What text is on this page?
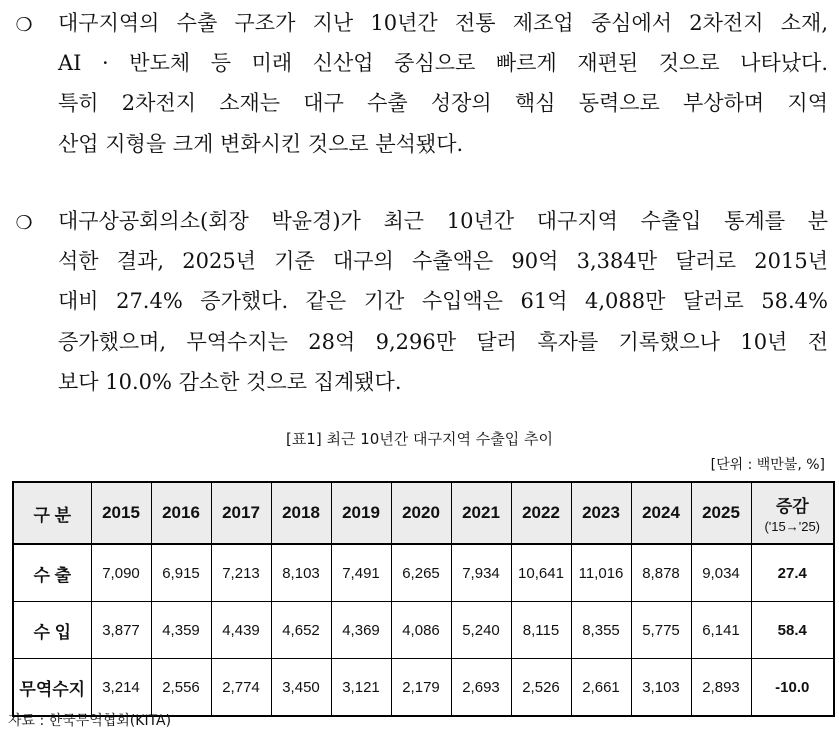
❍ 대구지역의 수출 구조가 지난 10년간 전통 제조업 중심에서 2차전지 소재,
AI · 반도체 등 미래 신산업 중심으로 빠르게 재편된 것으로 나타났다.
특히 2차전지 소재는 대구 수출 성장의 핵심 동력으로 부상하며 지역
산업 지형을 크게 변화시킨 것으로 분석됐다.
❍ 대구상공회의소(회장 박윤경)가 최근 10년간 대구지역 수출입 통계를 분
석한 결과, 2025년 기준 대구의 수출액은 90억 3,384만 달러로 2015년
대비 27.4% 증가했다. 같은 기간 수입액은 61억 4,088만 달러로 58.4%
증가했으며, 무역수지는 28억 9,296만 달러 흑자를 기록했으나 10년 전
보다 10.0% 감소한 것으로 집계됐다.
[표1] 최근 10년간 대구지역 수출입 추이
[단위 : 백만불, %]
구 분	2015	2016	2017	2018	2019	2020	2021	2022	2023	2024	2025	증감
('15→'25)

수 출	7,090	6,915	7,213	8,103	7,491	6,265	7,934	10,641	11,016	8,878	9,034	27.4
수 입	3,877	4,359	4,439	4,652	4,369	4,086	5,240	8,115	8,355	5,775	6,141	58.4
무역수지	3,214	2,556	2,774	3,450	3,121	2,179	2,693	2,526	2,661	3,103	2,893	-10.0
자료 : 한국무역협회(KITA)
